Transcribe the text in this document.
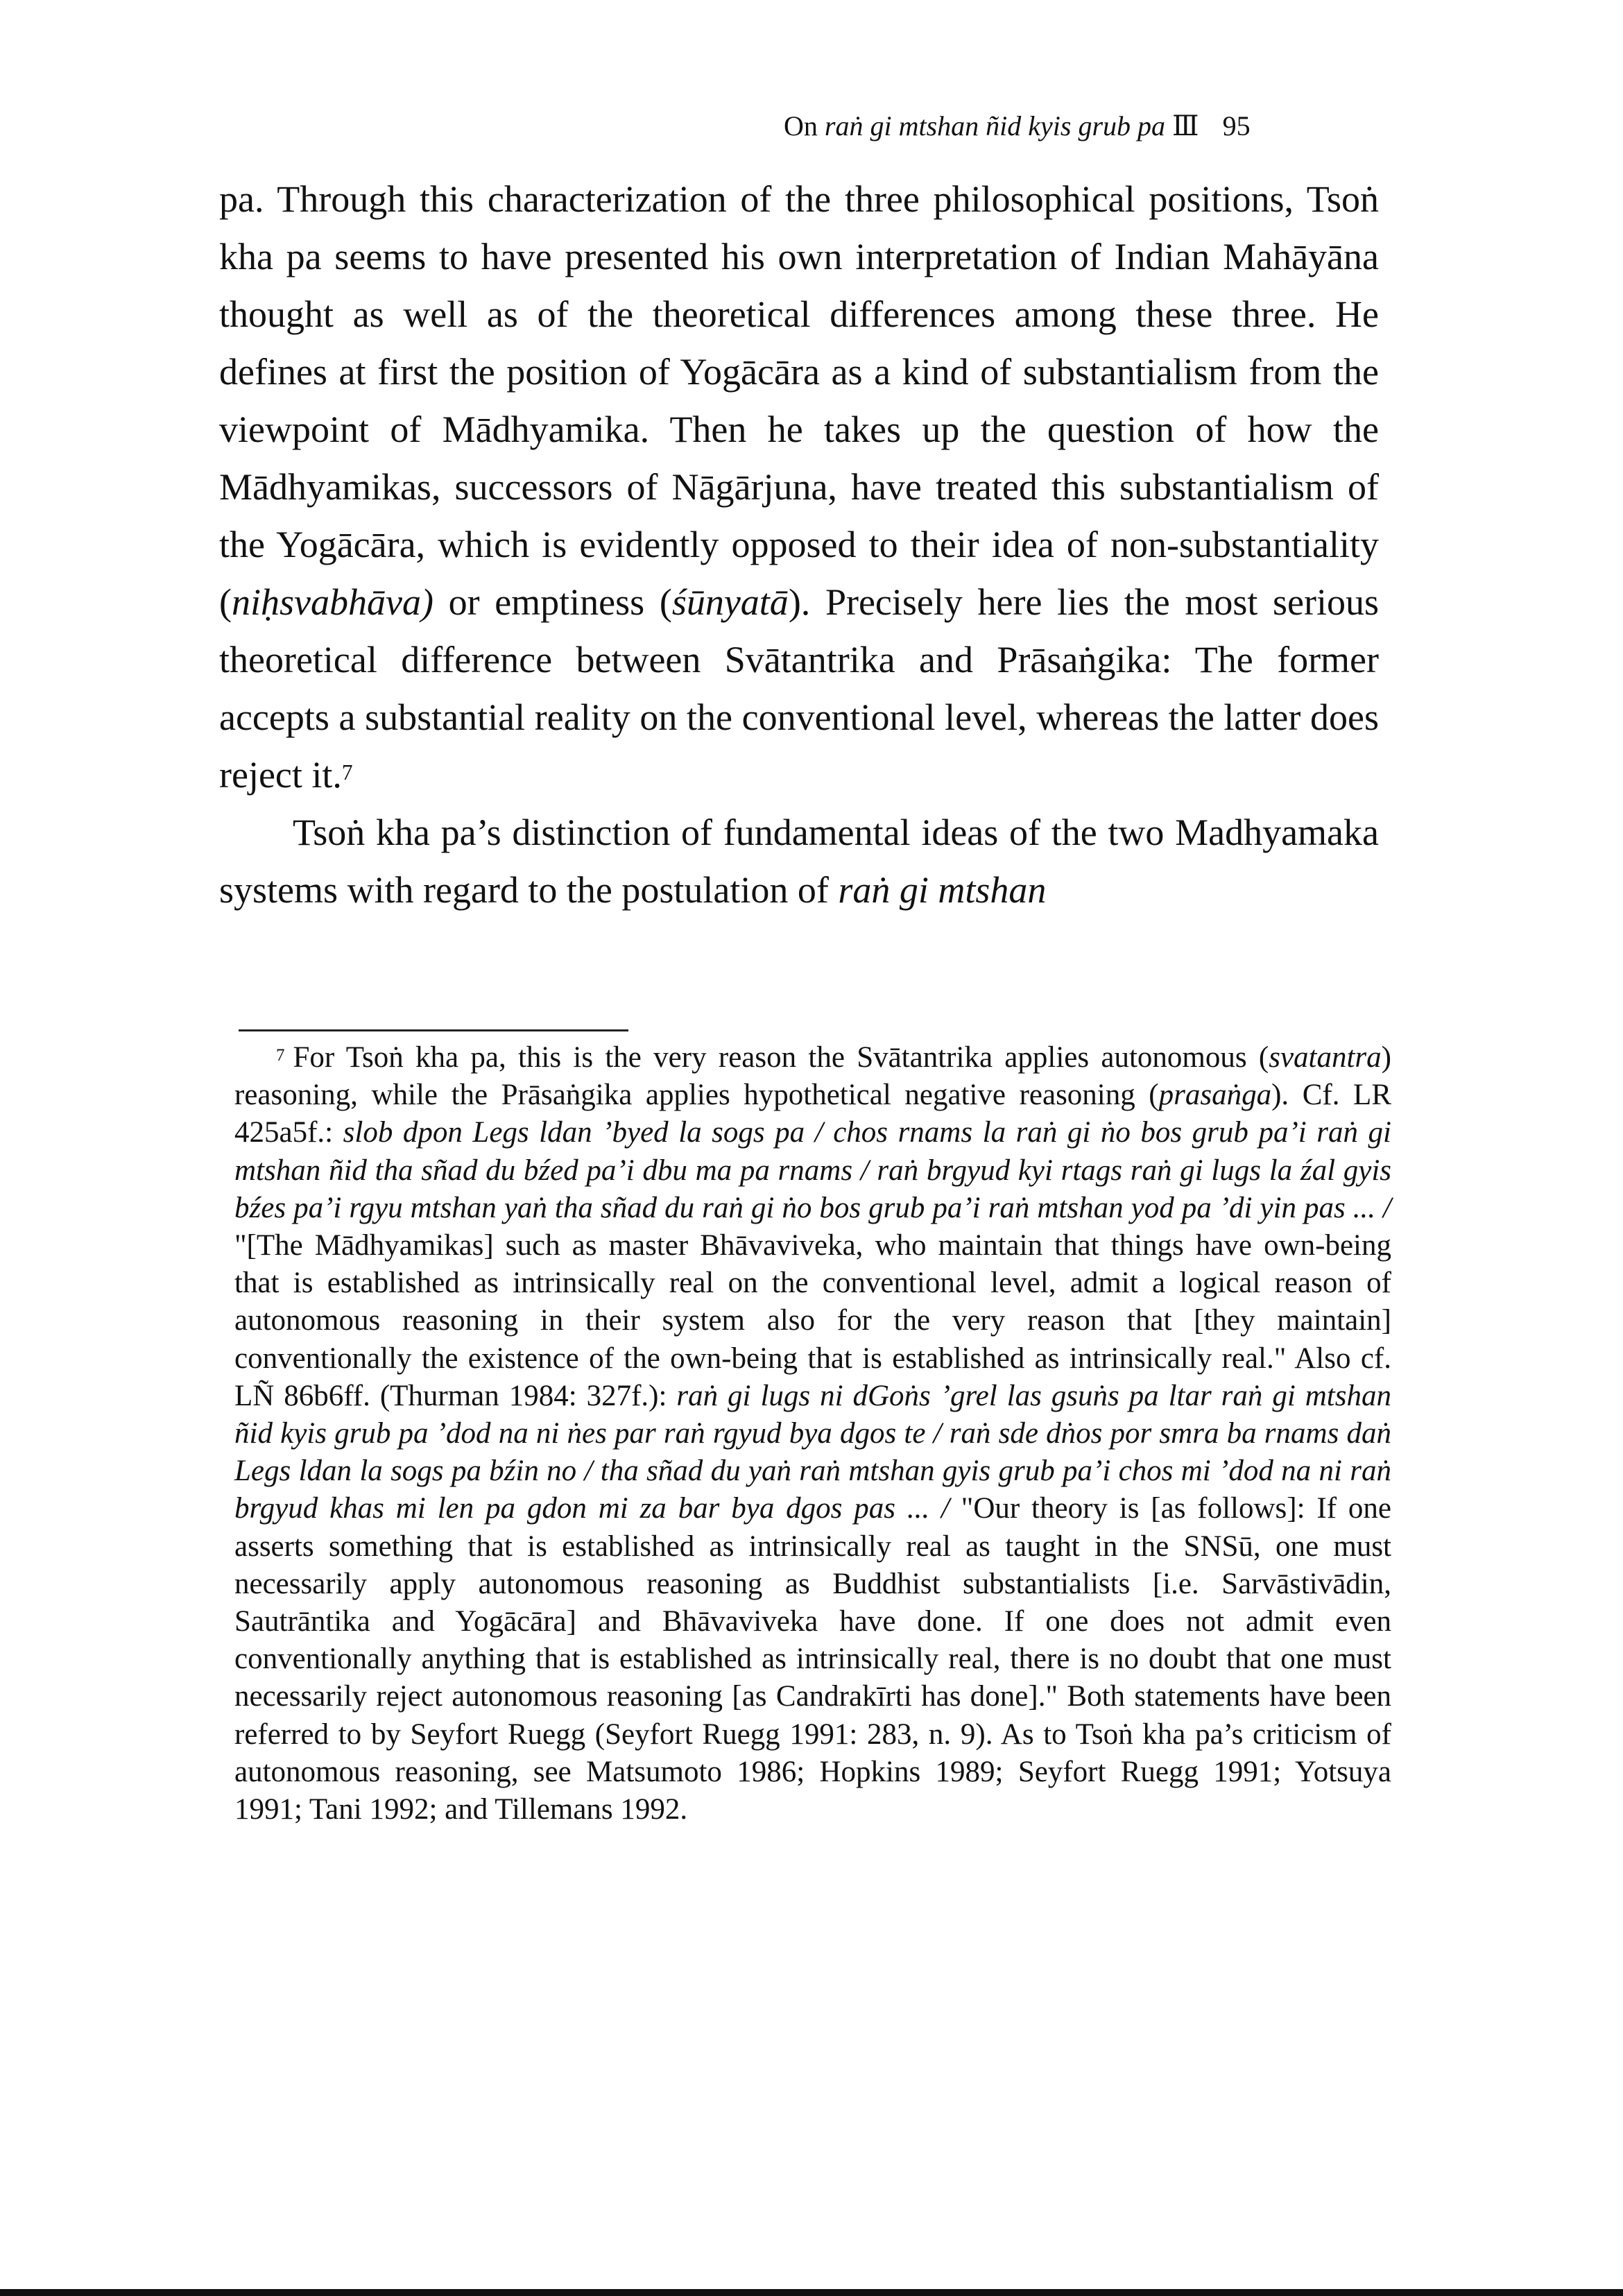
On raṅ gi mtshan ñid kyis grub pa Ⅲ 95

pa. Through this characterization of the three philosophical positions, Tsoṅ kha pa seems to have presented his own interpretation of Indian Mahāyāna thought as well as of the theoretical differences among these three. He defines at first the position of Yogācāra as a kind of substantialism from the viewpoint of Mādhyamika. Then he takes up the question of how the Mādhyamikas, successors of Nāgārjuna, have treated this substantialism of the Yogācāra, which is evidently opposed to their idea of non-substantiality (niḥsvabhāva) or emptiness (śūnyatā). Precisely here lies the most serious theoretical difference between Svātantrika and Prāsaṅgika: The former accepts a substantial reality on the conventional level, whereas the latter does reject it.$^7$

Tsoṅ kha pa’s distinction of fundamental ideas of the two Madhyamaka systems with regard to the postulation of raṅ gi mtshan

$^7$ For Tsoṅ kha pa, this is the very reason the Svātantrika applies autonomous (svatantra) reasoning, while the Prāsaṅgika applies hypothetical negative reasoning (prasaṅga). Cf. LR 425a5f.: slob dpon Legs ldan ’byed la sogs pa / chos rnams la raṅ gi ṅo bos grub pa’i raṅ gi mtshan ñid tha sñad du bźed pa’i dbu ma pa rnams / raṅ brgyud kyi rtags raṅ gi lugs la źal gyis bźes pa’i rgyu mtshan yaṅ tha sñad du raṅ gi ṅo bos grub pa’i raṅ mtshan yod pa ’di yin pas ... / "[The Mādhyamikas] such as master Bhāvaviveka, who maintain that things have own-being that is established as intrinsically real on the conventional level, admit a logical reason of autonomous reasoning in their system also for the very reason that [they maintain] conventionally the existence of the own-being that is established as intrinsically real." Also cf. LÑ 86b6ff. (Thurman 1984: 327f.): raṅ gi lugs ni dGoṅs ’grel las gsuṅs pa ltar raṅ gi mtshan ñid kyis grub pa ’dod na ni ṅes par raṅ rgyud bya dgos te / raṅ sde dṅos por smra ba rnams daṅ Legs ldan la sogs pa bźin no / tha sñad du yaṅ raṅ mtshan gyis grub pa’i chos mi ’dod na ni raṅ brgyud khas mi len pa gdon mi za bar bya dgos pas ... / "Our theory is [as follows]: If one asserts something that is established as intrinsically real as taught in the SNSū, one must necessarily apply autonomous reasoning as Buddhist substantialists [i.e. Sarvāstivādin, Sautrāntika and Yogācāra] and Bhāvaviveka have done. If one does not admit even conventionally anything that is established as intrinsically real, there is no doubt that one must necessarily reject autonomous reasoning [as Candrakīrti has done]." Both statements have been referred to by Seyfort Ruegg (Seyfort Ruegg 1991: 283, n. 9). As to Tsoṅ kha pa’s criticism of autonomous reasoning, see Matsumoto 1986; Hopkins 1989; Seyfort Ruegg 1991; Yotsuya 1991; Tani 1992; and Tillemans 1992.
